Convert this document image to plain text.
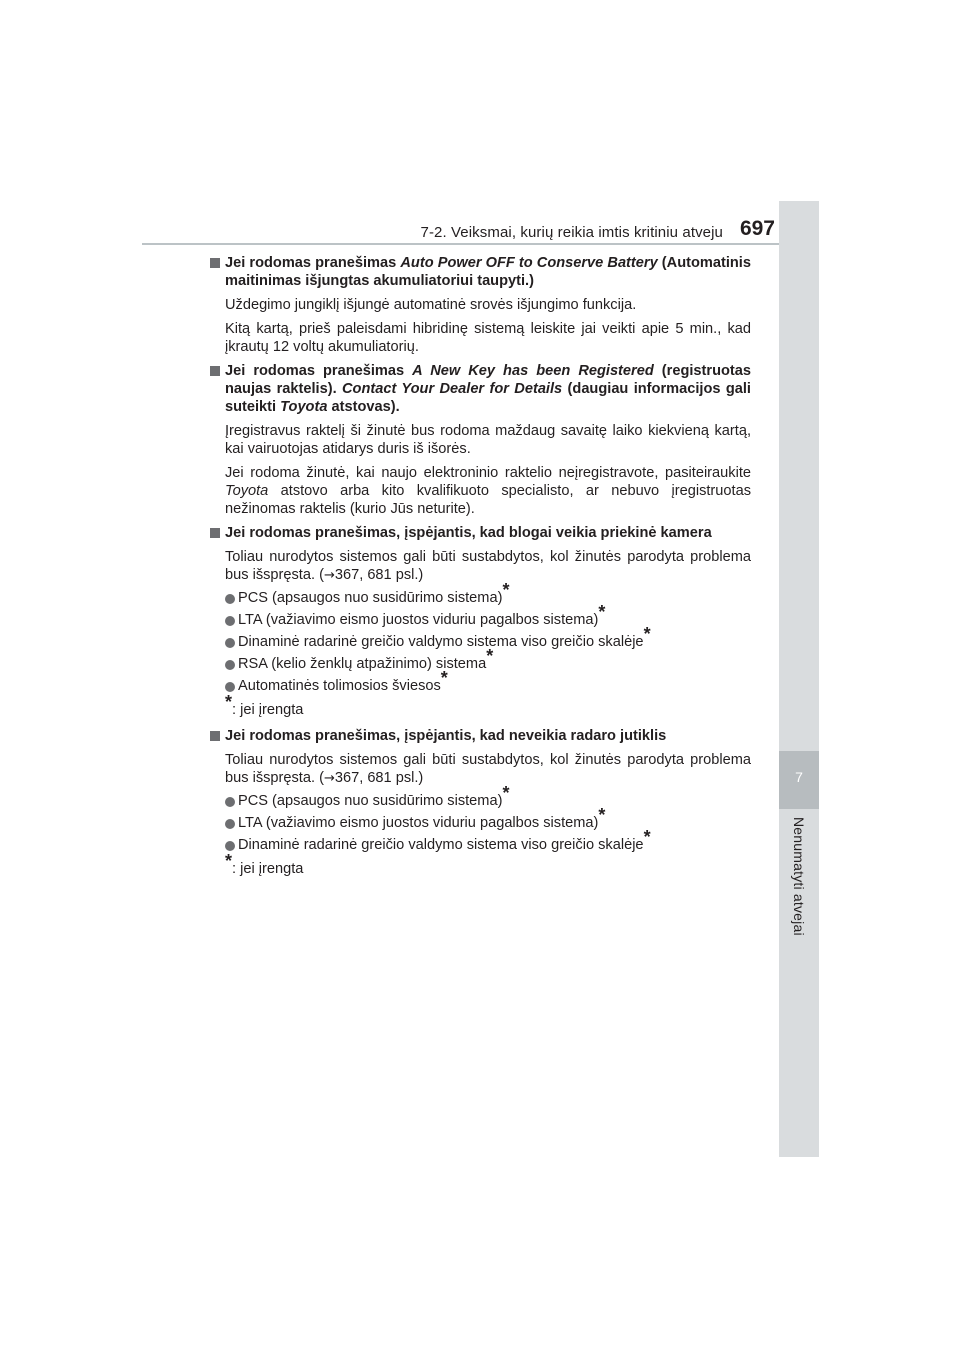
7-2. Veiksmai, kurių reikia imtis kritiniu atveju 697
7
Nenumatyti atvejai
Jei rodomas pranešimas Auto Power OFF to Conserve Battery (Automatinis maitinimas išjungtas akumuliatoriui taupyti.)
Uždegimo jungiklį išjungė automatinė srovės išjungimo funkcija.
Kitą kartą, prieš paleisdami hibridinę sistemą leiskite jai veikti apie 5 min., kad įkrautų 12 voltų akumuliatorių.
Jei rodomas pranešimas A New Key has been Registered (registruotas naujas raktelis). Contact Your Dealer for Details (daugiau informacijos gali suteikti Toyota atstovas).
Įregistravus raktelį ši žinutė bus rodoma maždaug savaitę laiko kiekvieną kartą, kai vairuotojas atidarys duris iš išorės.
Jei rodoma žinutė, kai naujo elektroninio raktelio neįregistravote, pasiteiraukite Toyota atstovo arba kito kvalifikuoto specialisto, ar nebuvo įregistruotas nežinomas raktelis (kurio Jūs neturite).
Jei rodomas pranešimas, įspėjantis, kad blogai veikia priekinė kamera
Toliau nurodytos sistemos gali būti sustabdytos, kol žinutės parodyta problema bus išspręsta. (→367, 681 psl.)
PCS (apsaugos nuo susidūrimo sistema)*
LTA (važiavimo eismo juostos viduriu pagalbos sistema)*
Dinaminė radarinė greičio valdymo sistema viso greičio skalėje*
RSA (kelio ženklų atpažinimo) sistema*
Automatinės tolimosios šviesos*
*: jei įrengta
Jei rodomas pranešimas, įspėjantis, kad neveikia radaro jutiklis
Toliau nurodytos sistemos gali būti sustabdytos, kol žinutės parodyta problema bus išspręsta. (→367, 681 psl.)
PCS (apsaugos nuo susidūrimo sistema)*
LTA (važiavimo eismo juostos viduriu pagalbos sistema)*
Dinaminė radarinė greičio valdymo sistema viso greičio skalėje*
*: jei įrengta
